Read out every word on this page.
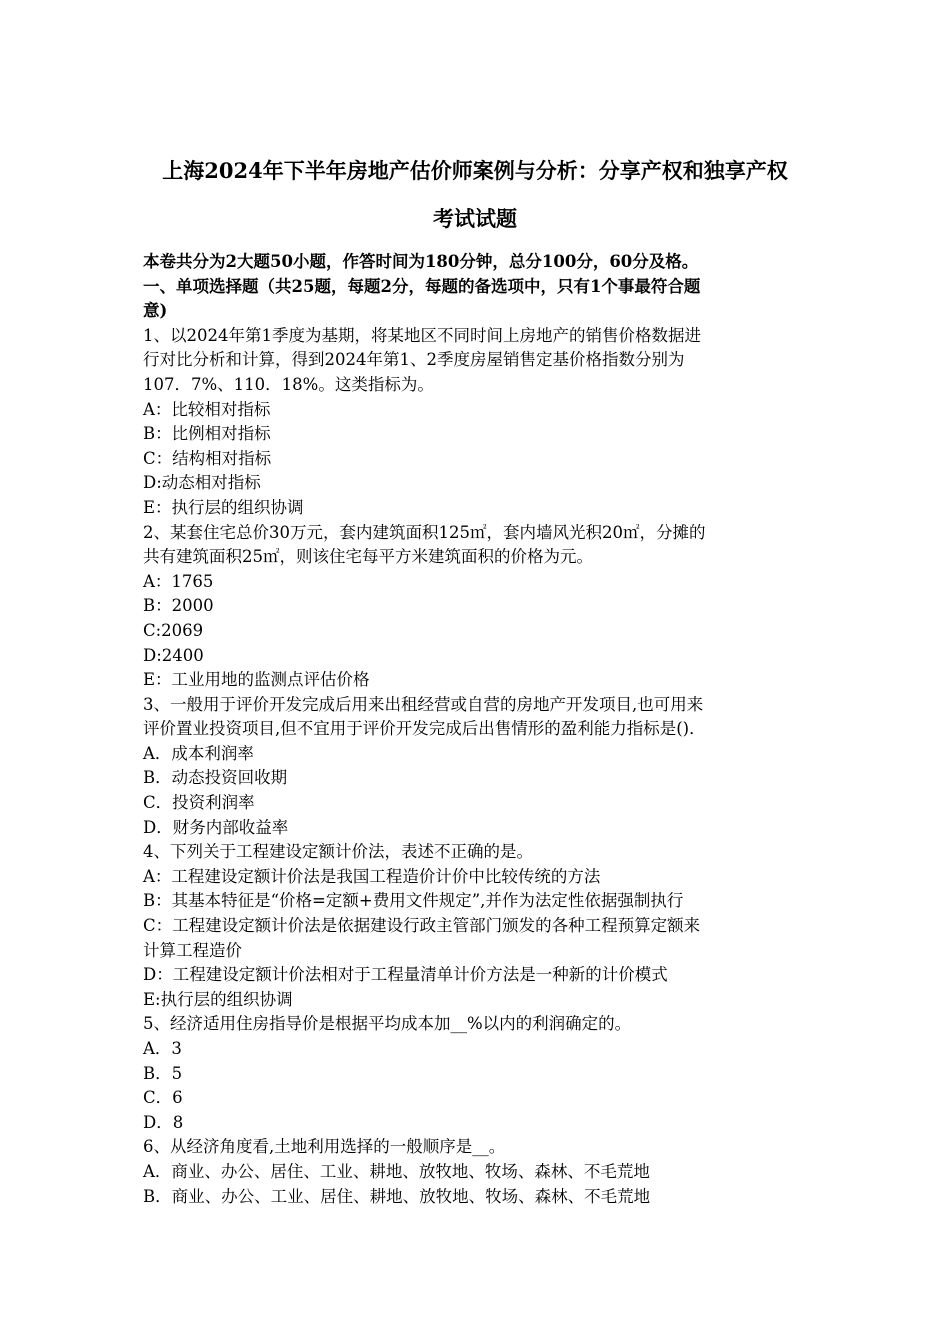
上海2024年下半年房地产估价师案例与分析：分享产权和独享产权
考试试题

本卷共分为2大题50小题，作答时间为180分钟，总分100分，60分及格。

一、单项选择题（共25题，每题2分，每题的备选项中，只有1个事最符合题

意)

1、以2024年第1季度为基期，将某地区不同时间上房地产的销售价格数据进

行对比分析和计算，得到2024年第1、2季度房屋销售定基价格指数分别为

107．7%、110．18%。这类指标为。

A：比较相对指标

B：比例相对指标

C：结构相对指标

D:动态相对指标

E：执行层的组织协调

2、某套住宅总价30万元，套内建筑面积125㎡，套内墙风光积20㎡，分摊的

共有建筑面积25㎡，则该住宅每平方米建筑面积的价格为元。

A：1765

B：2000

C:2069

D:2400

E：工业用地的监测点评估价格

3、一般用于评价开发完成后用来出租经营或自营的房地产开发项目,也可用来

评价置业投资项目,但不宜用于评价开发完成后出售情形的盈利能力指标是()．

A．成本利润率

B．动态投资回收期

C．投资利润率

D．财务内部收益率

4、下列关于工程建设定额计价法，表述不正确的是。

A：工程建设定额计价法是我国工程造价计价中比较传统的方法

B：其基本特征是“价格=定额+费用文件规定”,并作为法定性依据强制执行

C：工程建设定额计价法是依据建设行政主管部门颁发的各种工程预算定额来

计算工程造价

D：工程建设定额计价法相对于工程量清单计价方法是一种新的计价模式

E:执行层的组织协调

5、经济适用住房指导价是根据平均成本加__%以内的利润确定的。

A．3

B．5

C．6

D．8

6、从经济角度看,土地利用选择的一般顺序是__。

A．商业、办公、居住、工业、耕地、放牧地、牧场、森林、不毛荒地

B．商业、办公、工业、居住、耕地、放牧地、牧场、森林、不毛荒地
